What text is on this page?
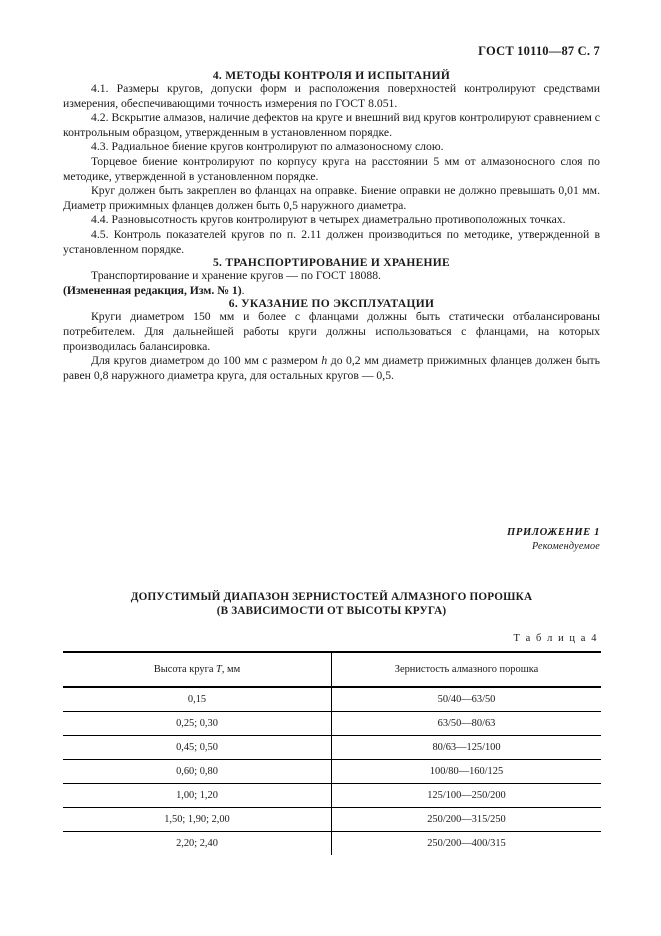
ГОСТ 10110—87 С. 7
4. МЕТОДЫ КОНТРОЛЯ И ИСПЫТАНИЙ

4.1. Размеры кругов, допуски форм и расположения поверхностей контролируют средствами измерения, обеспечивающими точность измерения по ГОСТ 8.051.

4.2. Вскрытие алмазов, наличие дефектов на круге и внешний вид кругов контролируют сравнением с контрольным образцом, утвержденным в установленном порядке.

4.3. Радиальное биение кругов контролируют по алмазоносному слою.

Торцевое биение контролируют по корпусу круга на расстоянии 5 мм от алмазоносного слоя по методике, утвержденной в установленном порядке.

Круг должен быть закреплен во фланцах на оправке. Биение оправки не должно превышать 0,01 мм. Диаметр прижимных фланцев должен быть 0,5 наружного диаметра.

4.4. Разновысотность кругов контролируют в четырех диаметрально противоположных точках.

4.5. Контроль показателей кругов по п. 2.11 должен производиться по методике, утвержденной в установленном порядке.

5. ТРАНСПОРТИРОВАНИЕ И ХРАНЕНИЕ

Транспортирование и хранение кругов — по ГОСТ 18088.

(Измененная редакция, Изм. № 1).

6. УКАЗАНИЕ ПО ЭКСПЛУАТАЦИИ

Круги диаметром 150 мм и более с фланцами должны быть статически отбалансированы потребителем. Для дальнейшей работы круги должны использоваться с фланцами, на которых производилась балансировка.

Для кругов диаметром до 100 мм с размером h до 0,2 мм диаметр прижимных фланцев должен быть равен 0,8 наружного диаметра круга, для остальных кругов — 0,5.

ПРИЛОЖЕНИЕ 1

Рекомендуемое

ДОПУСТИМЫЙ ДИАПАЗОН ЗЕРНИСТОСТЕЙ АЛМАЗНОГО ПОРОШКА
(В ЗАВИСИМОСТИ ОТ ВЫСОТЫ КРУГА)

Т а б л и ц а 4

Высота круга T, мм	Зернистость алмазного порошка
0,15	50/40—63/50
0,25; 0,30	63/50—80/63
0,45; 0,50	80/63—125/100
0,60; 0,80	100/80—160/125
1,00; 1,20	125/100—250/200
1,50; 1,90; 2,00	250/200—315/250
2,20; 2,40	250/200—400/315
